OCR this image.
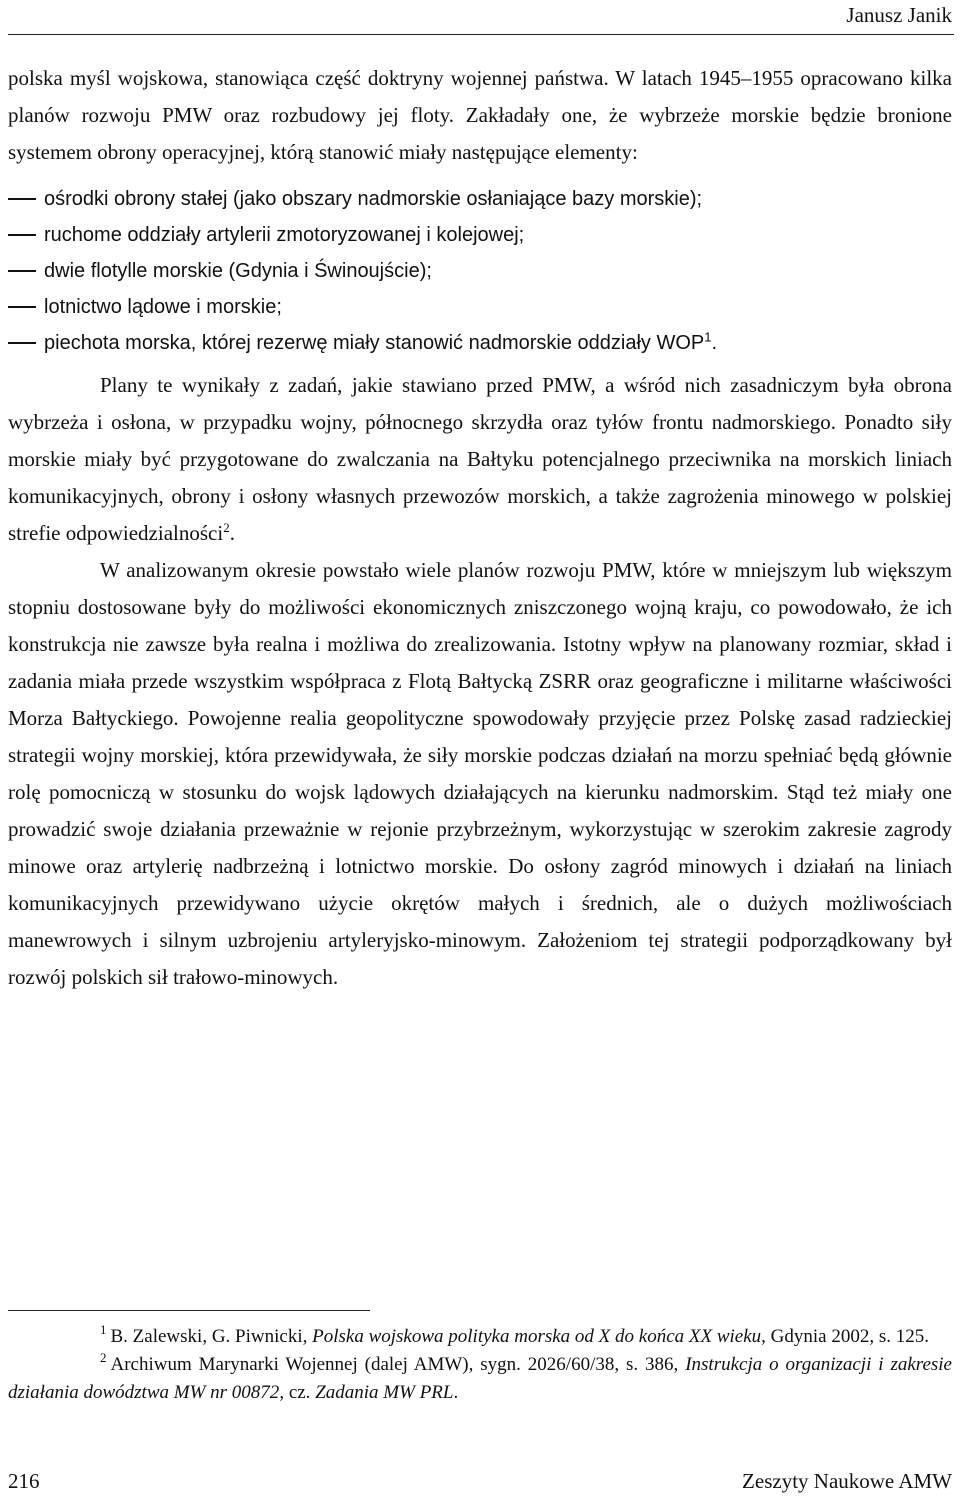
Janusz Janik

polska myśl wojskowa, stanowiąca część doktryny wojennej państwa. W latach 1945–1955 opracowano kilka planów rozwoju PMW oraz rozbudowy jej floty. Zakładały one, że wybrzeże morskie będzie bronione systemem obrony operacyjnej, którą stanowić miały następujące elementy:

ośrodki obrony stałej (jako obszary nadmorskie osłaniające bazy morskie);
ruchome oddziały artylerii zmotoryzowanej i kolejowej;
dwie flotylle morskie (Gdynia i Świnoujście);
lotnictwo lądowe i morskie;
piechota morska, której rezerwę miały stanowić nadmorskie oddziały WOP$^1$.

Plany te wynikały z zadań, jakie stawiano przed PMW, a wśród nich zasadniczym była obrona wybrzeża i osłona, w przypadku wojny, północnego skrzydła oraz tyłów frontu nadmorskiego. Ponadto siły morskie miały być przygotowane do zwalczania na Bałtyku potencjalnego przeciwnika na morskich liniach komunikacyjnych, obrony i osłony własnych przewozów morskich, a także zagrożenia minowego w polskiej strefie odpowiedzialności$^2$.

W analizowanym okresie powstało wiele planów rozwoju PMW, które w mniejszym lub większym stopniu dostosowane były do możliwości ekonomicznych zniszczonego wojną kraju, co powodowało, że ich konstrukcja nie zawsze była realna i możliwa do zrealizowania. Istotny wpływ na planowany rozmiar, skład i zadania miała przede wszystkim współpraca z Flotą Bałtycką ZSRR oraz geograficzne i militarne właściwości Morza Bałtyckiego. Powojenne realia geopolityczne spowodowały przyjęcie przez Polskę zasad radzieckiej strategii wojny morskiej, która przewidywała, że siły morskie podczas działań na morzu spełniać będą głównie rolę pomocniczą w stosunku do wojsk lądowych działających na kierunku nadmorskim. Stąd też miały one prowadzić swoje działania przeważnie w rejonie przybrzeżnym, wykorzystując w szerokim zakresie zagrody minowe oraz artylerię nadbrzeżną i lotnictwo morskie. Do osłony zagród minowych i działań na liniach komunikacyjnych przewidywano użycie okrętów małych i średnich, ale o dużych możliwościach manewrowych i silnym uzbrojeniu artyleryjsko-minowym. Założeniom tej strategii podporządkowany był rozwój polskich sił trałowo-minowych.

1 B. Zalewski, G. Piwnicki, Polska wojskowa polityka morska od X do końca XX wieku, Gdynia 2002, s. 125.

2 Archiwum Marynarki Wojennej (dalej AMW), sygn. 2026/60/38, s. 386, Instrukcja o organizacji i zakresie działania dowództwa MW nr 00872, cz. Zadania MW PRL.

216	Zeszyty Naukowe AMW
